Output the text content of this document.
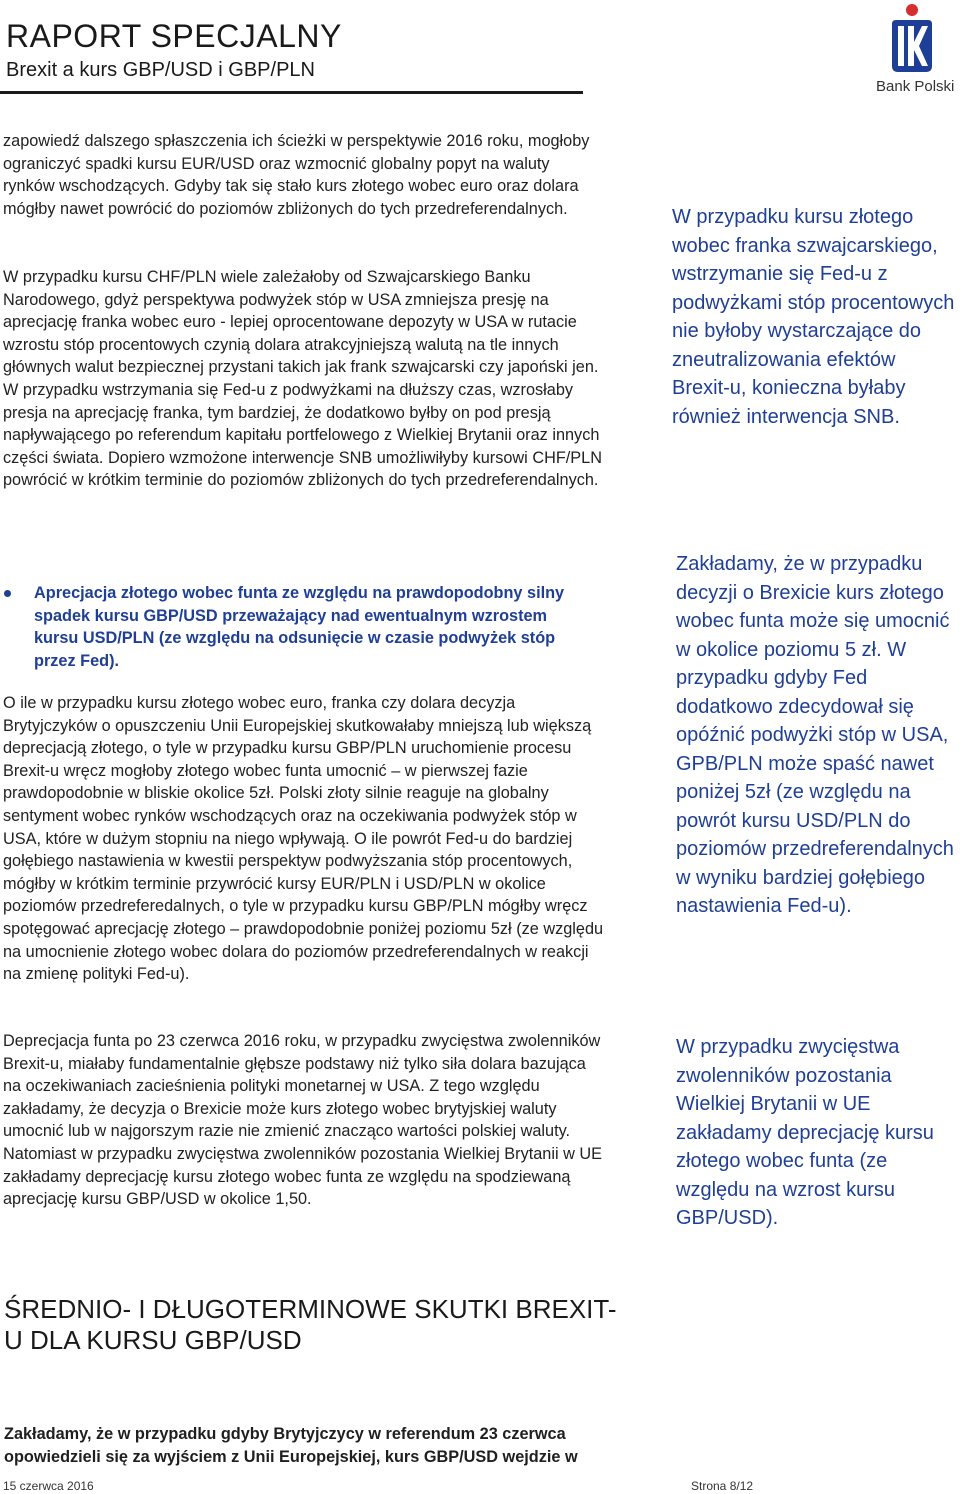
RAPORT SPECJALNY
Brexit a kurs GBP/USD i GBP/PLN
Bank Polski

zapowiedź dalszego spłaszczenia ich ścieżki w perspektywie 2016 roku, mogłoby ograniczyć spadki kursu EUR/USD oraz wzmocnić globalny popyt na waluty rynków wschodzących. Gdyby tak się stało kurs złotego wobec euro oraz dolara mógłby nawet powrócić do poziomów zbliżonych do tych przedreferendalnych.

W przypadku kursu CHF/PLN wiele zależałoby od Szwajcarskiego Banku Narodowego, gdyż perspektywa podwyżek stóp w USA zmniejsza presję na aprecjację franka wobec euro - lepiej oprocentowane depozyty w USA w rutacie wzrostu stóp procentowych czynią dolara atrakcyjniejszą walutą na tle innych głównych walut bezpiecznej przystani takich jak frank szwajcarski czy japoński jen. W przypadku wstrzymania się Fed-u z podwyżkami na dłuższy czas, wzrosłaby presja na aprecjację franka, tym bardziej, że dodatkowo byłby on pod presją napływającego po referendum kapitału portfelowego z Wielkiej Brytanii oraz innych części świata. Dopiero wzmożone interwencje SNB umożliwiłyby kursowi CHF/PLN powrócić w krótkim terminie do poziomów zbliżonych do tych przedreferendalnych.

Aprecjacja złotego wobec funta ze względu na prawdopodobny silny spadek kursu GBP/USD przeważający nad ewentualnym wzrostem kursu USD/PLN (ze względu na odsunięcie w czasie podwyżek stóp przez Fed).

O ile w przypadku kursu złotego wobec euro, franka czy dolara decyzja Brytyjczyków o opuszczeniu Unii Europejskiej skutkowałaby mniejszą lub większą deprecjacją złotego, o tyle w przypadku kursu GBP/PLN uruchomienie procesu Brexit-u wręcz mogłoby złotego wobec funta umocnić – w pierwszej fazie prawdopodobnie w bliskie okolice 5zł. Polski złoty silnie reaguje na globalny sentyment wobec rynków wschodzących oraz na oczekiwania podwyżek stóp w USA, które w dużym stopniu na niego wpływają. O ile powrót Fed-u do bardziej gołębiego nastawienia w kwestii perspektyw podwyższania stóp procentowych, mógłby w krótkim terminie przywrócić kursy EUR/PLN i USD/PLN w okolice poziomów przedreferedalnych, o tyle w przypadku kursu GBP/PLN mógłby wręcz spotęgować aprecjację złotego – prawdopodobnie poniżej poziomu 5zł (ze względu na umocnienie złotego wobec dolara do poziomów przedreferendalnych w reakcji na zmienę polityki Fed-u).

Deprecjacja funta po 23 czerwca 2016 roku, w przypadku zwycięstwa zwolenników Brexit-u, miałaby fundamentalnie głębsze podstawy niż tylko siła dolara bazująca na oczekiwaniach zacieśnienia polityki monetarnej w USA. Z tego względu zakładamy, że decyzja o Brexicie może kurs złotego wobec brytyjskiej waluty umocnić lub w najgorszym razie nie zmienić znacząco wartości polskiej waluty. Natomiast w przypadku zwycięstwa zwolenników pozostania Wielkiej Brytanii w UE zakładamy deprecjację kursu złotego wobec funta ze względu na spodziewaną aprecjację kursu GBP/USD w okolice 1,50.

W przypadku kursu złotego wobec franka szwajcarskiego, wstrzymanie się Fed-u z podwyżkami stóp procentowych nie byłoby wystarczające do zneutralizowania efektów Brexit-u, konieczna byłaby również interwencja SNB.
Zakładamy, że w przypadku decyzji o Brexicie kurs złotego wobec funta może się umocnić w okolice poziomu 5 zł. W przypadku gdyby Fed dodatkowo zdecydował się opóźnić podwyżki stóp w USA, GPB/PLN może spaść nawet poniżej 5zł (ze względu na powrót kursu USD/PLN do poziomów przedreferendalnych w wyniku bardziej gołębiego nastawienia Fed-u).
W przypadku zwycięstwa zwolenników pozostania Wielkiej Brytanii w UE zakładamy deprecjację kursu złotego wobec funta (ze względu na wzrost kursu GBP/USD).
ŚREDNIO- I DŁUGOTERMINOWE SKUTKI BREXIT-U DLA KURSU GBP/USD
Zakładamy, że w przypadku gdyby Brytyjczycy w referendum 23 czerwca opowiedzieli się za wyjściem z Unii Europejskiej, kurs GBP/USD wejdzie w
15 czerwca 2016	Strona 8/12
